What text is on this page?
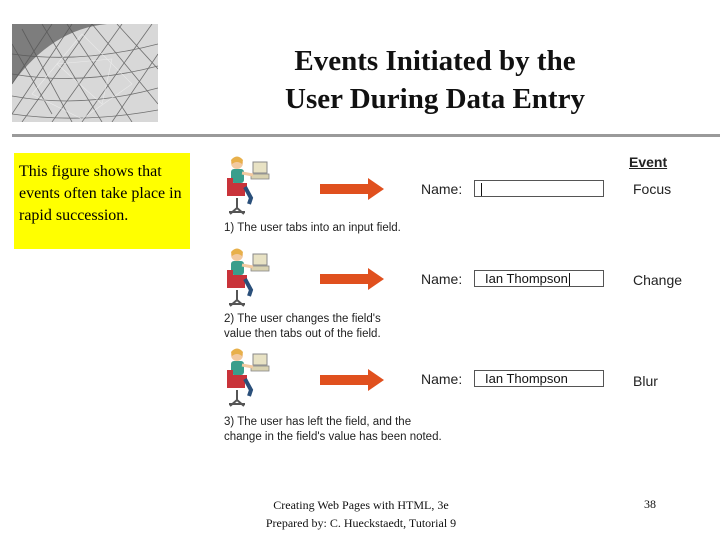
Events Initiated by the
User During Data Entry
This figure shows that events often take place in rapid succession.
Event
Name:	Focus
1) The user tabs into an input field.
Name:	Ian Thompson	Change
2) The user changes the field's
value then tabs out of the field.
Name:	Ian Thompson	Blur
3) The user has left the field, and the
change in the field's value has been noted.
Creating Web Pages with HTML, 3e
Prepared by: C. Hueckstaedt, Tutorial 9
38
